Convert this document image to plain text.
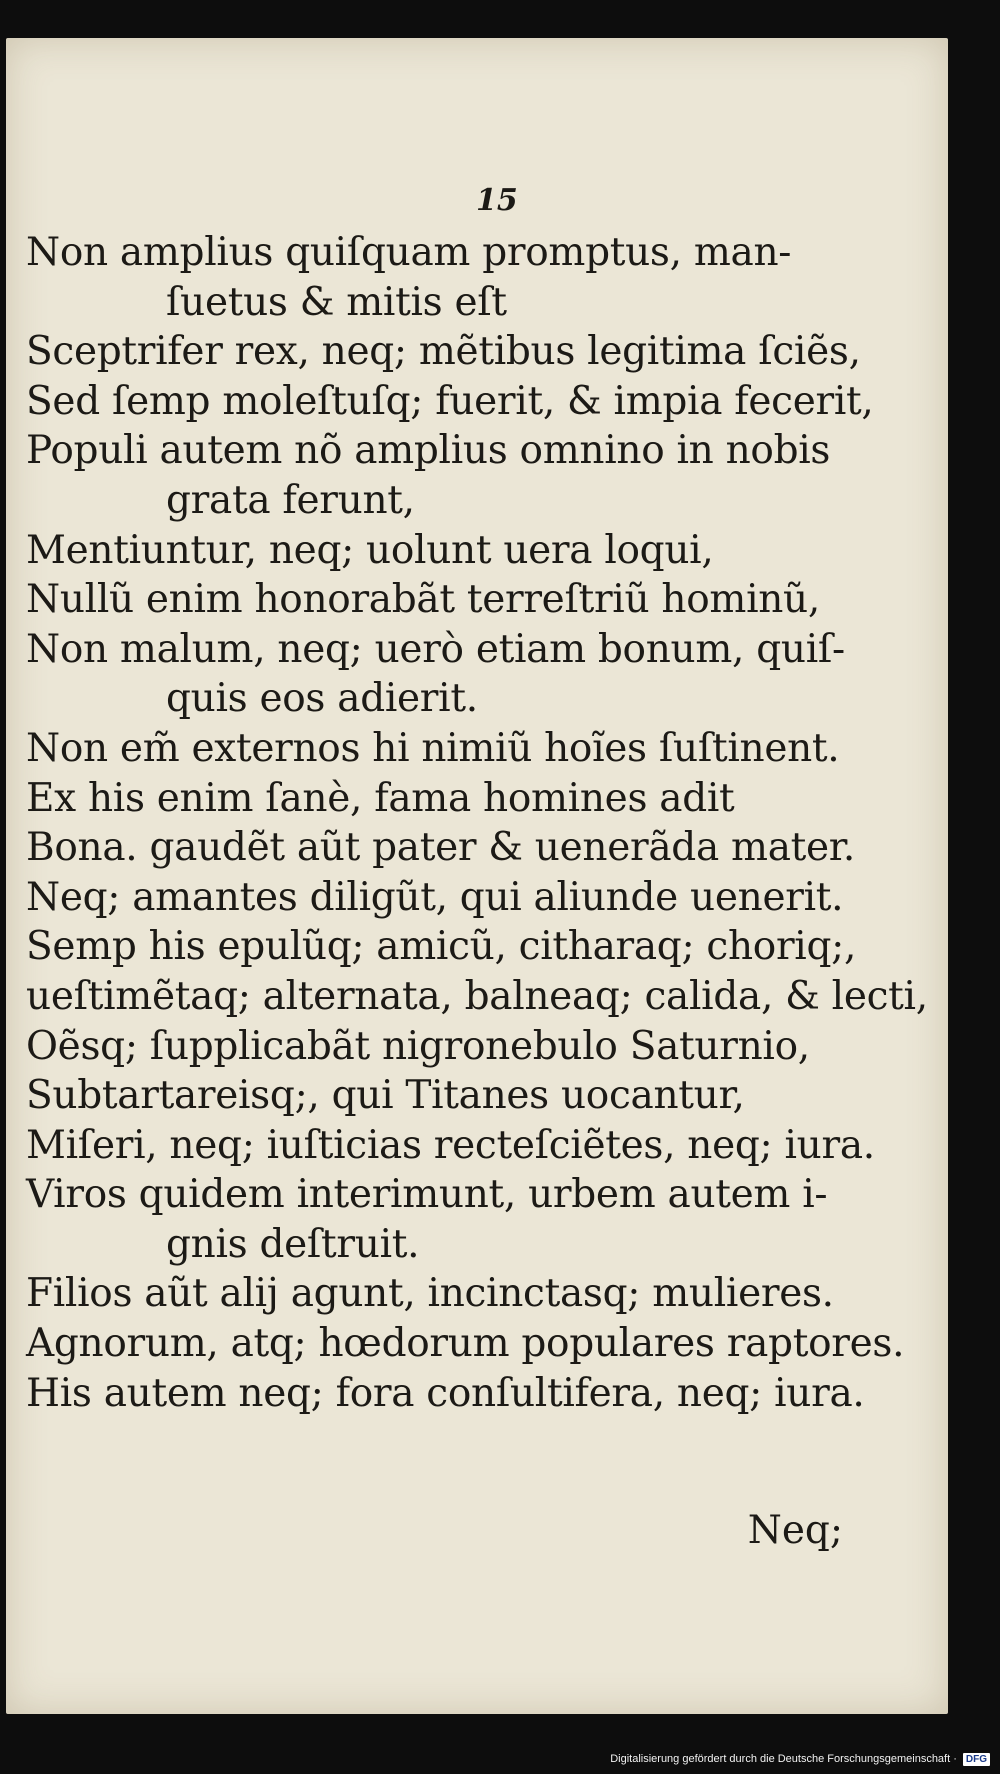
15
Non amplius quiſquam promptus, man-
ſuetus & mitis eſt
Sceptrifer rex, neq; mẽtibus legitima ſciẽs,
Sed ſemp moleſtuſq; fuerit, & impia fecerit,
Populi autem nõ amplius omnino in nobis
grata ferunt,
Mentiuntur, neq; uolunt uera loqui,
Nullũ enim honorabãt terreſtriũ hominũ,
Non malum, neq; uerò etiam bonum, quiſ-
quis eos adierit.
Non em̃ externos hi nimiũ hoĩes ſuſtinent.
Ex his enim ſanè, fama homines adit
Bona. gaudẽt aũt pater & uenerãda mater.
Neq; amantes diligũt, qui aliunde uenerit.
Semp his epulũq; amicũ, citharaq; choriq;,
ueſtimẽtaq; alternata, balneaq; calida, & lecti,
Oẽsq; ſupplicabãt nigronebulo Saturnio,
Subtartareisq;, qui Titanes uocantur,
Miſeri, neq; iuſticias recteſciẽtes, neq; iura.
Viros quidem interimunt, urbem autem i-
gnis deſtruit.
Filios aũt alij agunt, incinctasq; mulieres.
Agnorum, atq; hœdorum populares raptores.
His autem neq; fora conſultifera, neq; iura.
Neq;
Digitalisierung gefördert durch die Deutsche Forschungsgemeinschaft · DFG
